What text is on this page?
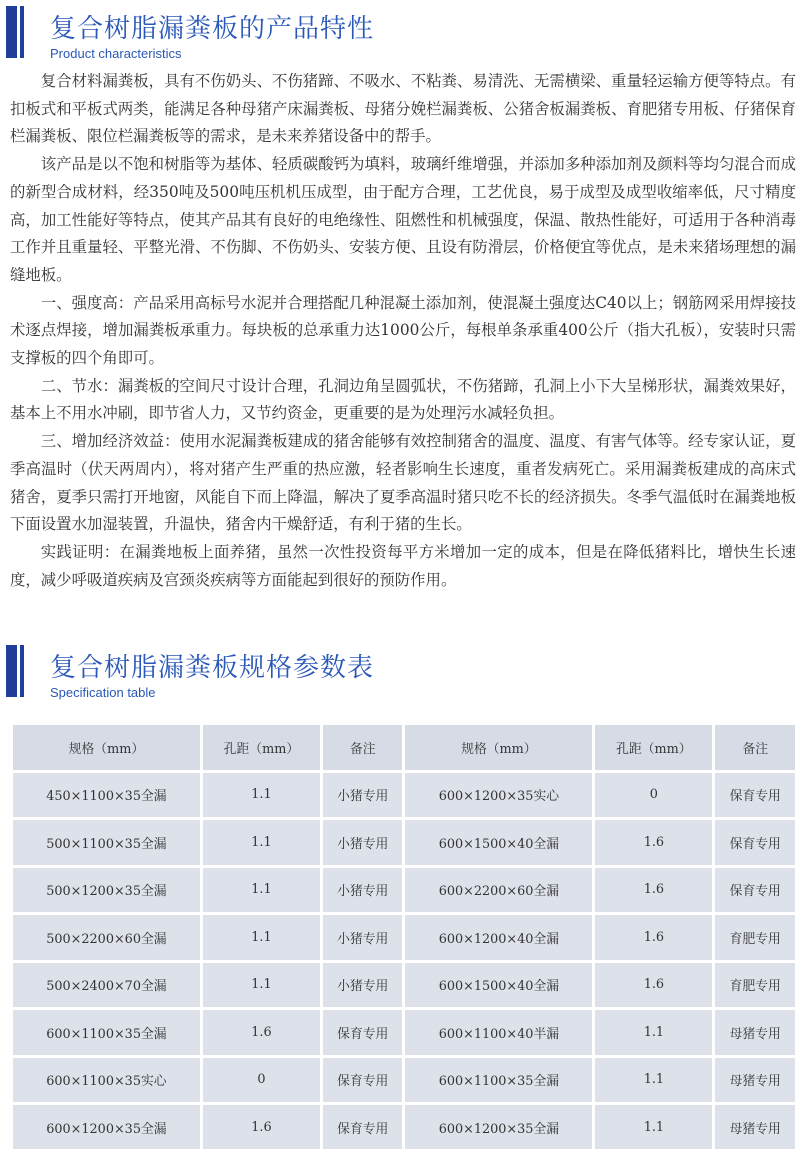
复合树脂漏粪板的产品特性
Product characteristics

复合材料漏粪板，具有不伤奶头、不伤猪蹄、不吸水、不粘粪、易清洗、无需横梁、重量轻运输方便等特点。有扣板式和平板式两类，能满足各种母猪产床漏粪板、母猪分娩栏漏粪板、公猪舍板漏粪板、育肥猪专用板、仔猪保育栏漏粪板、限位栏漏粪板等的需求，是未来养猪设备中的帮手。

该产品是以不饱和树脂等为基体、轻质碳酸钙为填料，玻璃纤维增强，并添加多种添加剂及颜料等均匀混合而成的新型合成材料，经350吨及500吨压机机压成型，由于配方合理，工艺优良，易于成型及成型收缩率低，尺寸精度高，加工性能好等特点，使其产品其有良好的电绝缘性、阻燃性和机械强度，保温、散热性能好，可适用于各种消毒工作并且重量轻、平整光滑、不伤脚、不伤奶头、安装方便、且设有防滑层，价格便宜等优点，是未来猪场理想的漏缝地板。

一、强度高：产品采用高标号水泥并合理搭配几种混凝土添加剂，使混凝土强度达C40以上；钢筋网采用焊接技术逐点焊接，增加漏粪板承重力。每块板的总承重力达1000公斤，每根单条承重400公斤（指大孔板），安装时只需支撑板的四个角即可。

二、节水：漏粪板的空间尺寸设计合理，孔洞边角呈圆弧状，不伤猪蹄，孔洞上小下大呈梯形状，漏粪效果好，基本上不用水冲刷，即节省人力，又节约资金，更重要的是为处理污水减轻负担。

三、增加经济效益：使用水泥漏粪板建成的猪舍能够有效控制猪舍的温度、温度、有害气体等。经专家认证，夏季高温时（伏天两周内），将对猪产生严重的热应激，轻者影响生长速度，重者发病死亡。采用漏粪板建成的高床式猪舍，夏季只需打开地窗，风能自下而上降温，解决了夏季高温时猪只吃不长的经济损失。冬季气温低时在漏粪地板下面设置水加湿装置，升温快，猪舍内干燥舒适，有利于猪的生长。

实践证明：在漏粪地板上面养猪，虽然一次性投资每平方米增加一定的成本，但是在降低猪料比，增快生长速度，减少呼吸道疾病及宫颈炎疾病等方面能起到很好的预防作用。

复合树脂漏粪板规格参数表
Specification table
规格（mm）	孔距（mm）	备注	规格（mm）	孔距（mm）	备注
450×1100×35全漏	1.1	小猪专用	600×1200×35实心	0	保育专用
500×1100×35全漏	1.1	小猪专用	600×1500×40全漏	1.6	保育专用
500×1200×35全漏	1.1	小猪专用	600×2200×60全漏	1.6	保育专用
500×2200×60全漏	1.1	小猪专用	600×1200×40全漏	1.6	育肥专用
500×2400×70全漏	1.1	小猪专用	600×1500×40全漏	1.6	育肥专用
600×1100×35全漏	1.6	保育专用	600×1100×40半漏	1.1	母猪专用
600×1100×35实心	0	保育专用	600×1100×35全漏	1.1	母猪专用
600×1200×35全漏	1.6	保育专用	600×1200×35全漏	1.1	母猪专用
